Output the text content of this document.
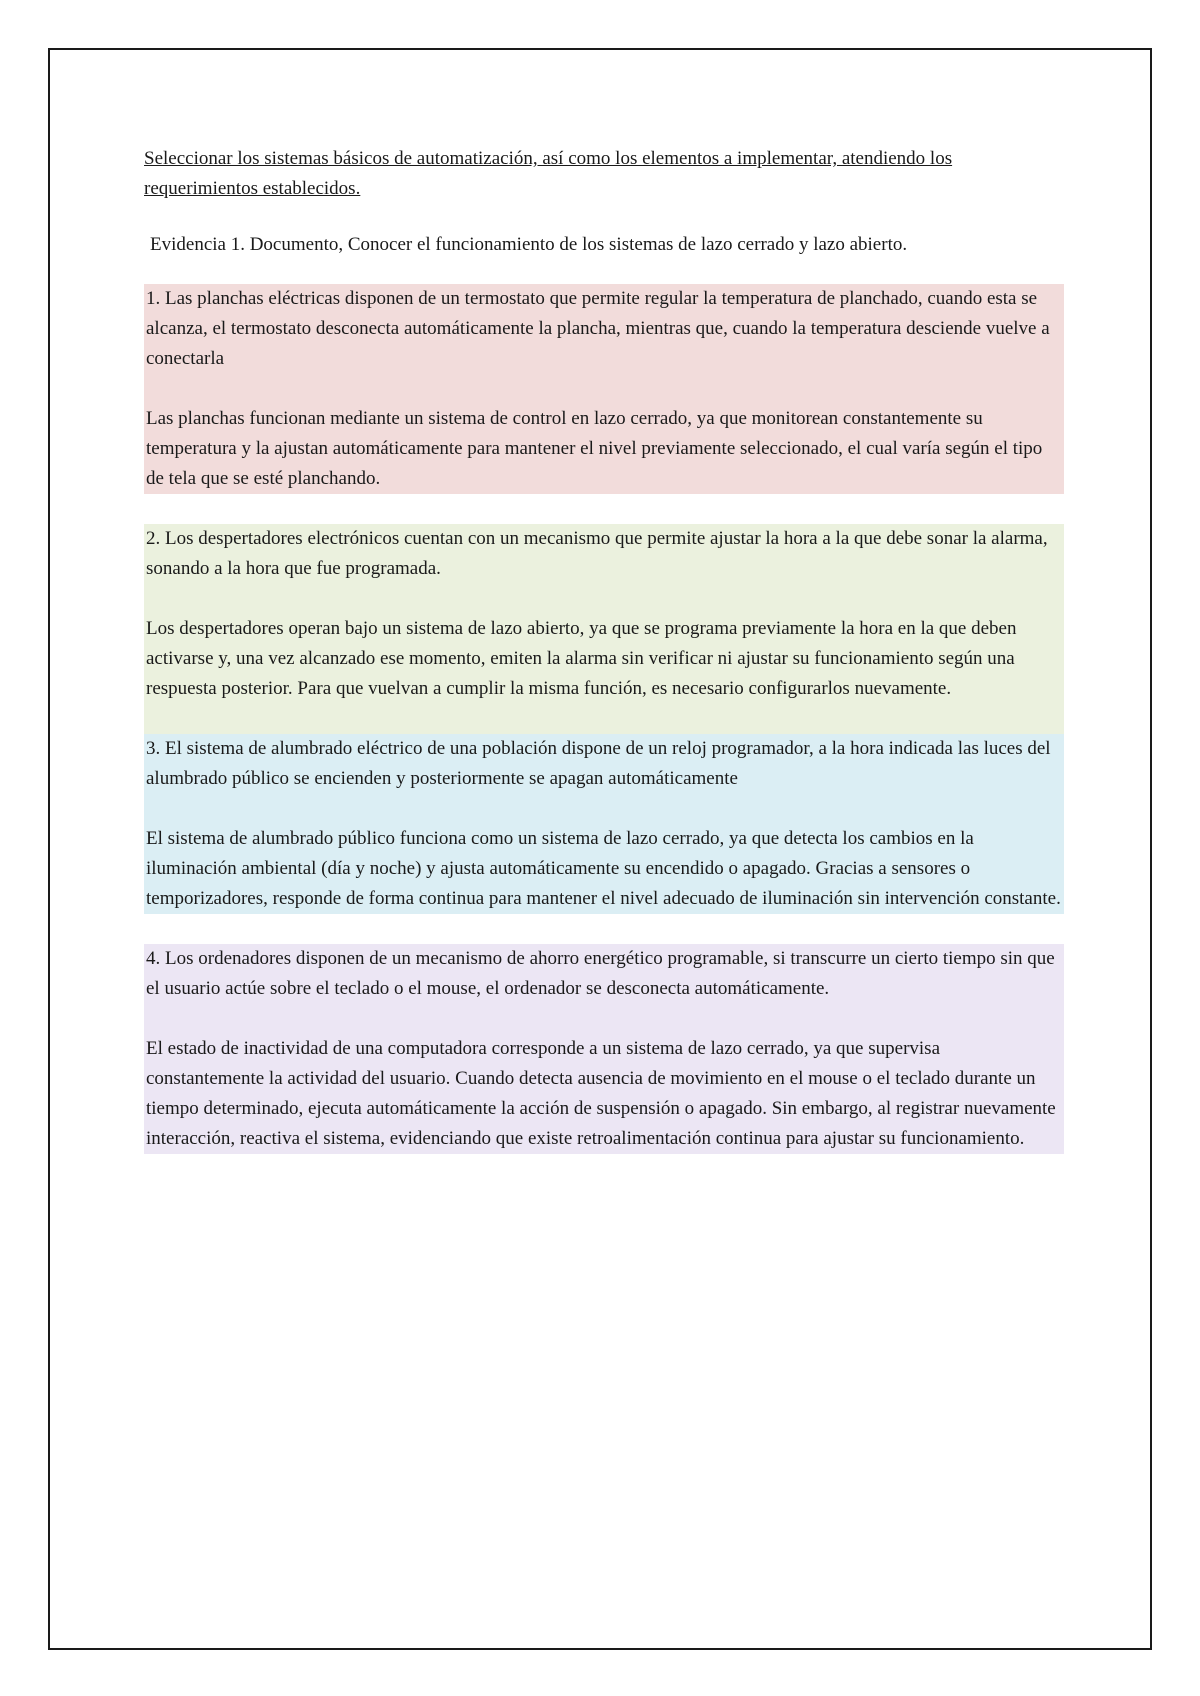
Seleccionar los sistemas básicos de automatización, así como los elementos a implementar, atendiendo los requerimientos establecidos.

Evidencia 1. Documento, Conocer el funcionamiento de los sistemas de lazo cerrado y lazo abierto.

1. Las planchas eléctricas disponen de un termostato que permite regular la temperatura de planchado, cuando esta se alcanza, el termostato desconecta automáticamente la plancha, mientras que, cuando la temperatura desciende vuelve a conectarla

Las planchas funcionan mediante un sistema de control en lazo cerrado, ya que monitorean constantemente su temperatura y la ajustan automáticamente para mantener el nivel previamente seleccionado, el cual varía según el tipo de tela que se esté planchando.

2. Los despertadores electrónicos cuentan con un mecanismo que permite ajustar la hora a la que debe sonar la alarma, sonando a la hora que fue programada.

Los despertadores operan bajo un sistema de lazo abierto, ya que se programa previamente la hora en la que deben activarse y, una vez alcanzado ese momento, emiten la alarma sin verificar ni ajustar su funcionamiento según una respuesta posterior. Para que vuelvan a cumplir la misma función, es necesario configurarlos nuevamente.

3. El sistema de alumbrado eléctrico de una población dispone de un reloj programador, a la hora indicada las luces del alumbrado público se encienden y posteriormente se apagan automáticamente

El sistema de alumbrado público funciona como un sistema de lazo cerrado, ya que detecta los cambios en la iluminación ambiental (día y noche) y ajusta automáticamente su encendido o apagado. Gracias a sensores o temporizadores, responde de forma continua para mantener el nivel adecuado de iluminación sin intervención constante.

4. Los ordenadores disponen de un mecanismo de ahorro energético programable, si transcurre un cierto tiempo sin que el usuario actúe sobre el teclado o el mouse, el ordenador se desconecta automáticamente.

El estado de inactividad de una computadora corresponde a un sistema de lazo cerrado, ya que supervisa constantemente la actividad del usuario. Cuando detecta ausencia de movimiento en el mouse o el teclado durante un tiempo determinado, ejecuta automáticamente la acción de suspensión o apagado. Sin embargo, al registrar nuevamente interacción, reactiva el sistema, evidenciando que existe retroalimentación continua para ajustar su funcionamiento.
